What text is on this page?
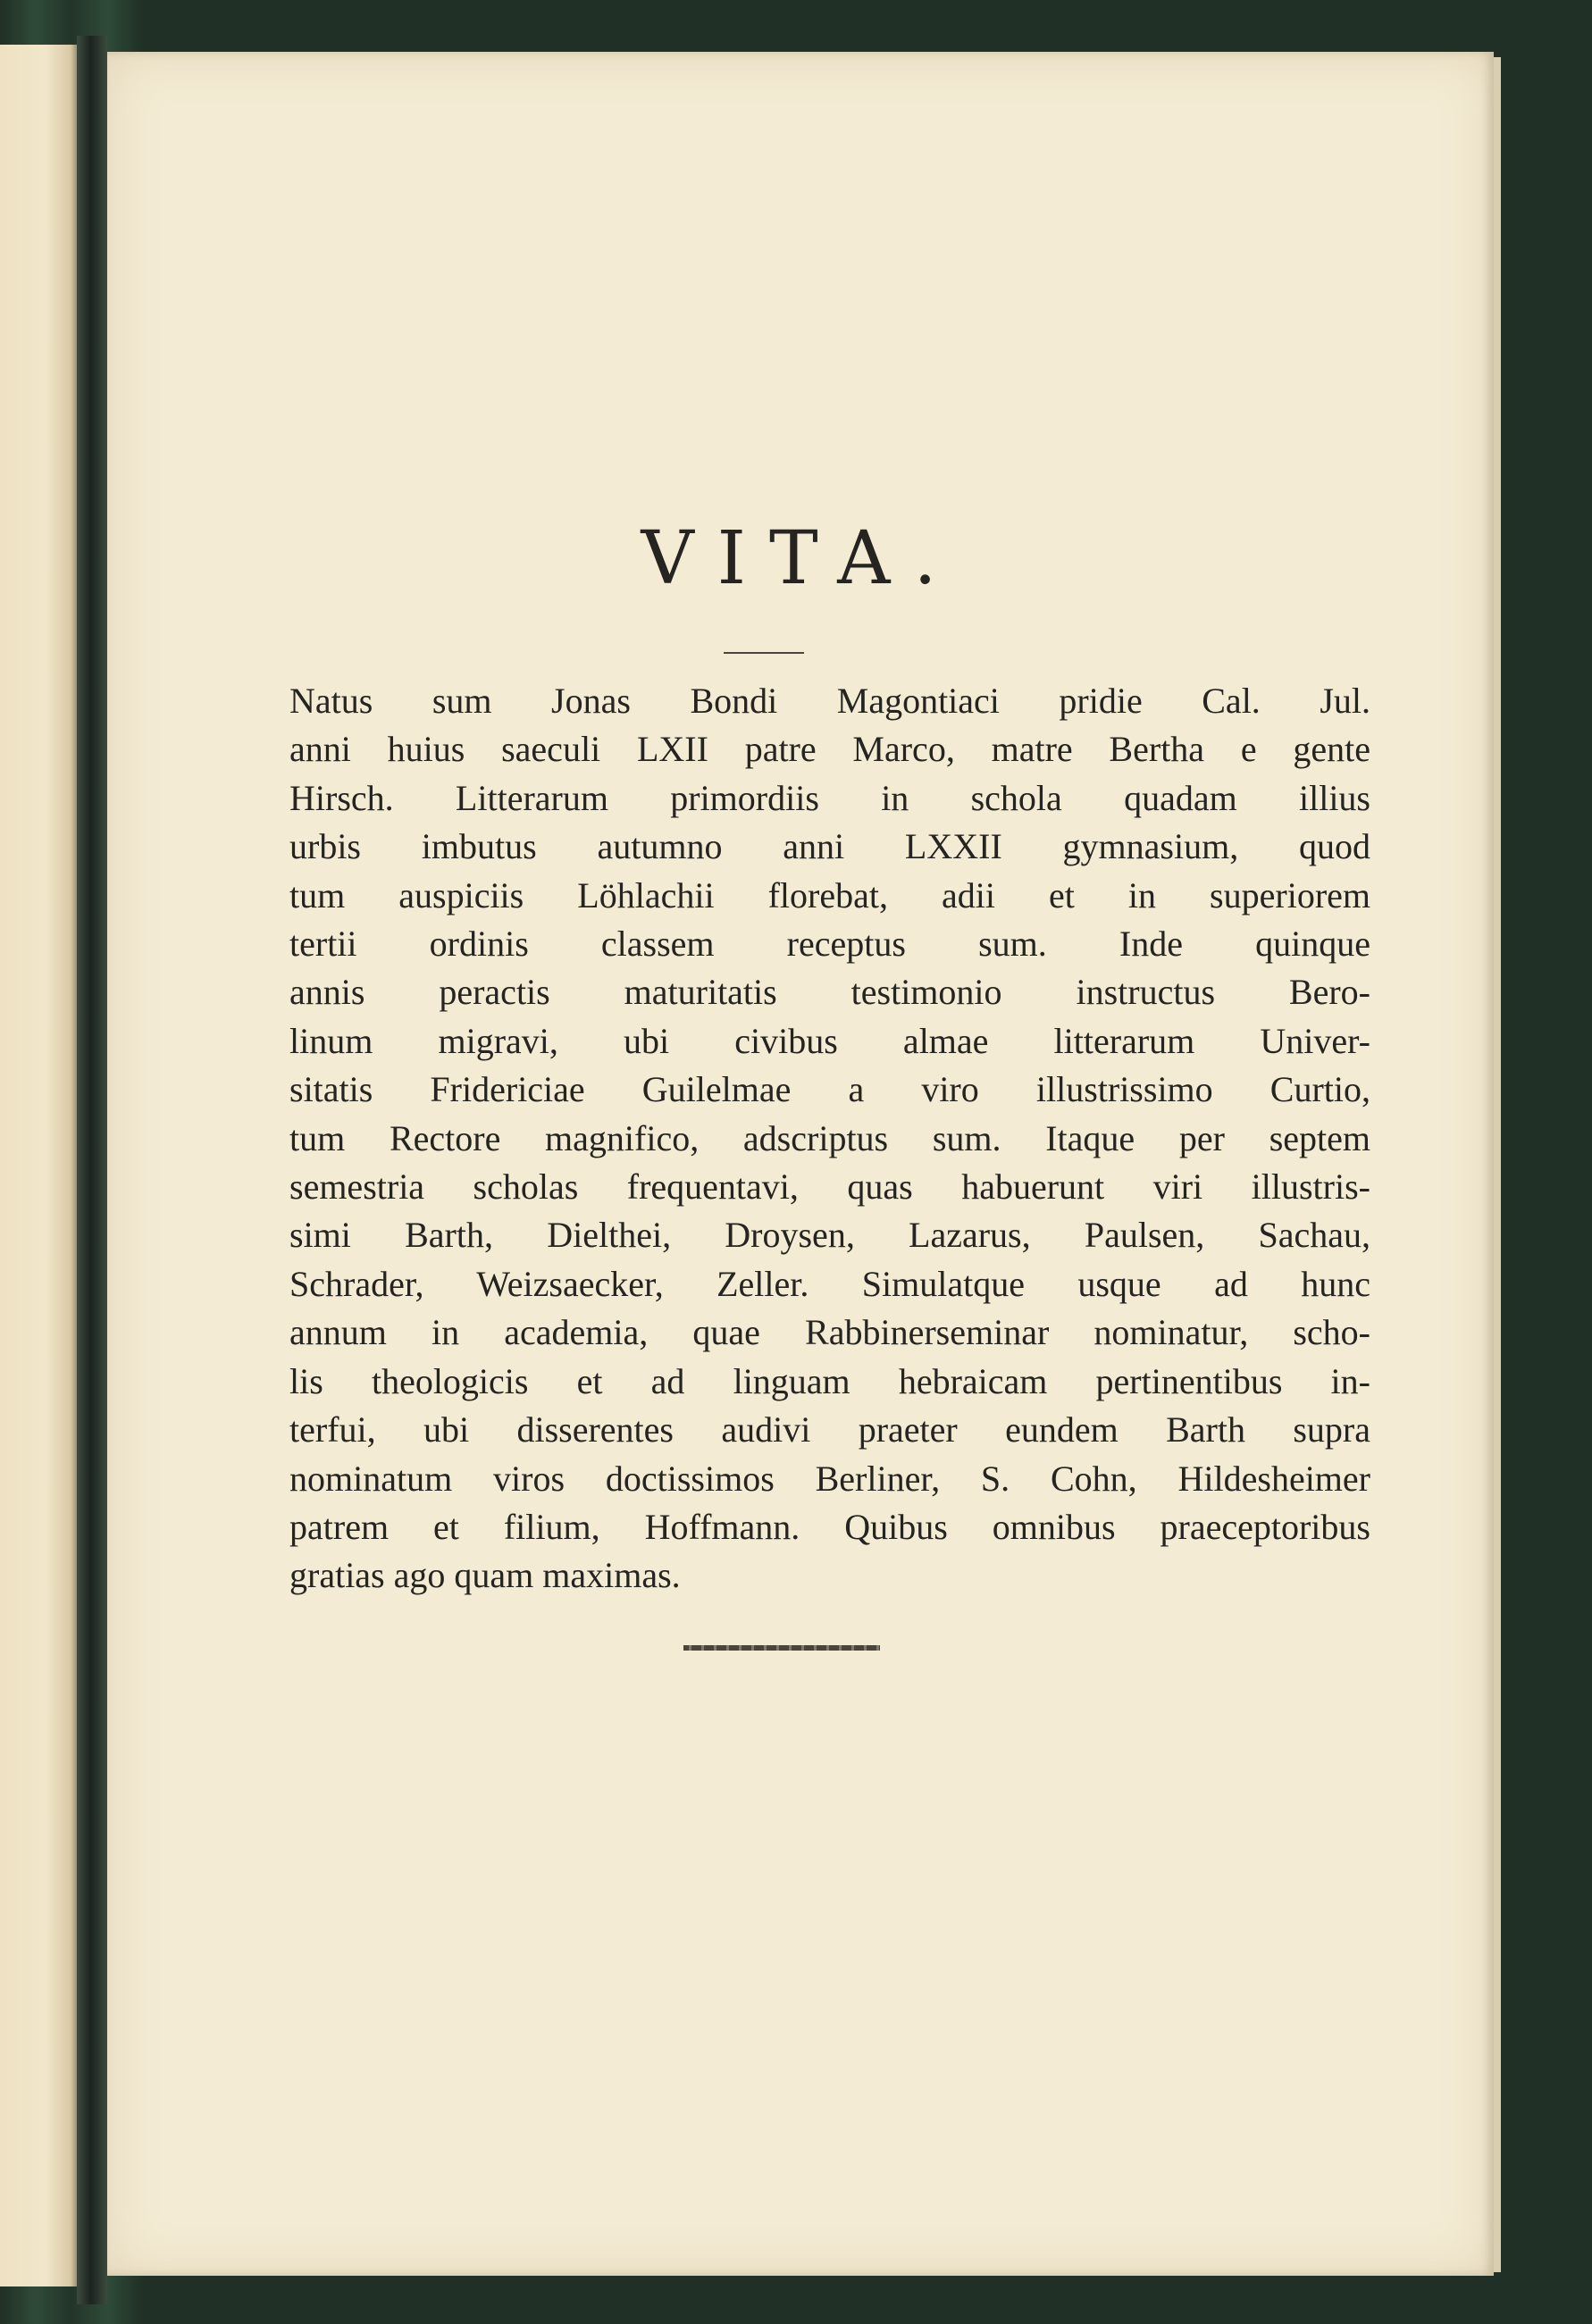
VITA.
Natus sum Jonas Bondi Magontiaci pridie Cal. Jul.
anni huius saeculi LXII patre Marco, matre Bertha e gente
Hirsch. Litterarum primordiis in schola quadam illius
urbis imbutus autumno anni LXXII gymnasium, quod
tum auspiciis Löhlachii florebat, adii et in superiorem
tertii ordinis classem receptus sum. Inde quinque
annis peractis maturitatis testimonio instructus Bero-
linum migravi, ubi civibus almae litterarum Univer-
sitatis Fridericiae Guilelmae a viro illustrissimo Curtio,
tum Rectore magnifico, adscriptus sum. Itaque per septem
semestria scholas frequentavi, quas habuerunt viri illustris-
simi Barth, Dielthei, Droysen, Lazarus, Paulsen, Sachau,
Schrader, Weizsaecker, Zeller. Simulatque usque ad hunc
annum in academia, quae Rabbinerseminar nominatur, scho-
lis theologicis et ad linguam hebraicam pertinentibus in-
terfui, ubi disserentes audivi praeter eundem Barth supra
nominatum viros doctissimos Berliner, S. Cohn, Hildesheimer
patrem et filium, Hoffmann. Quibus omnibus praeceptoribus
gratias ago quam maximas.
